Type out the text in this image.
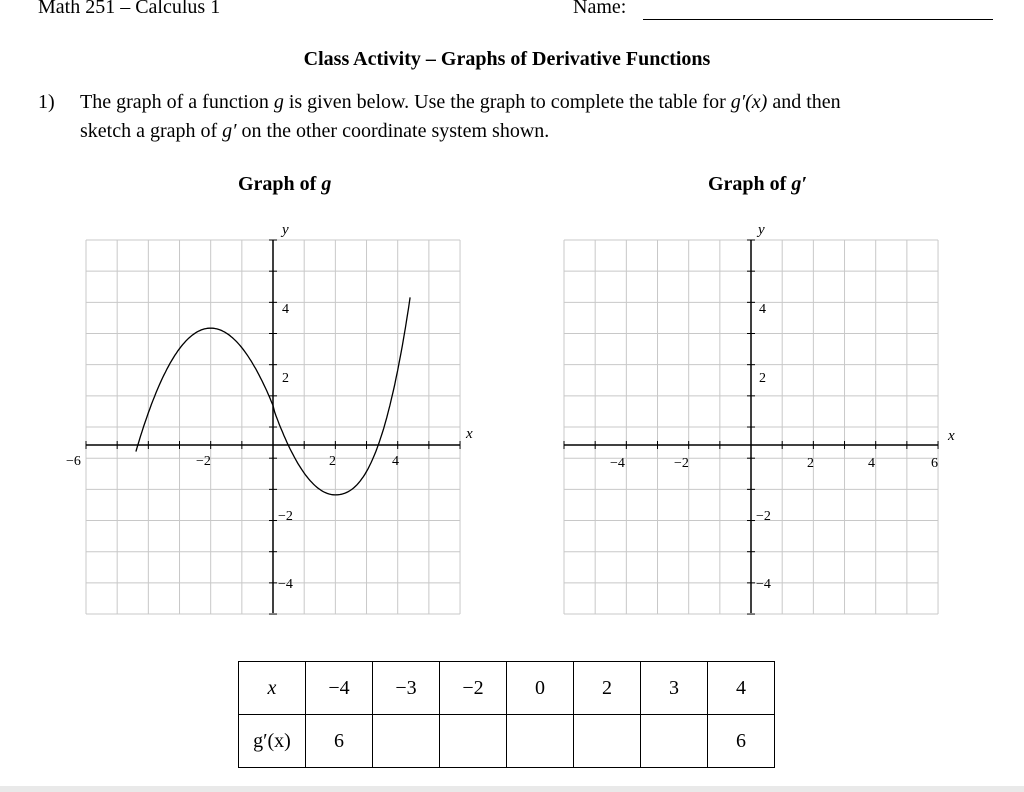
Math 251 – Calculus 1	Name:
Class Activity – Graphs of Derivative Functions
1) The graph of a function g is given below. Use the graph to complete the table for g′(x) and then
sketch a graph of g′ on the other coordinate system shown.
Graph of g	Graph of g′
x
y
−6	−2	2	4
4
2
−2
−4
x
y
−4	−2	2	4	6
4
2
−2
−4
x	−4	−3	−2	0	2	3	4
g′(x)	6						6
